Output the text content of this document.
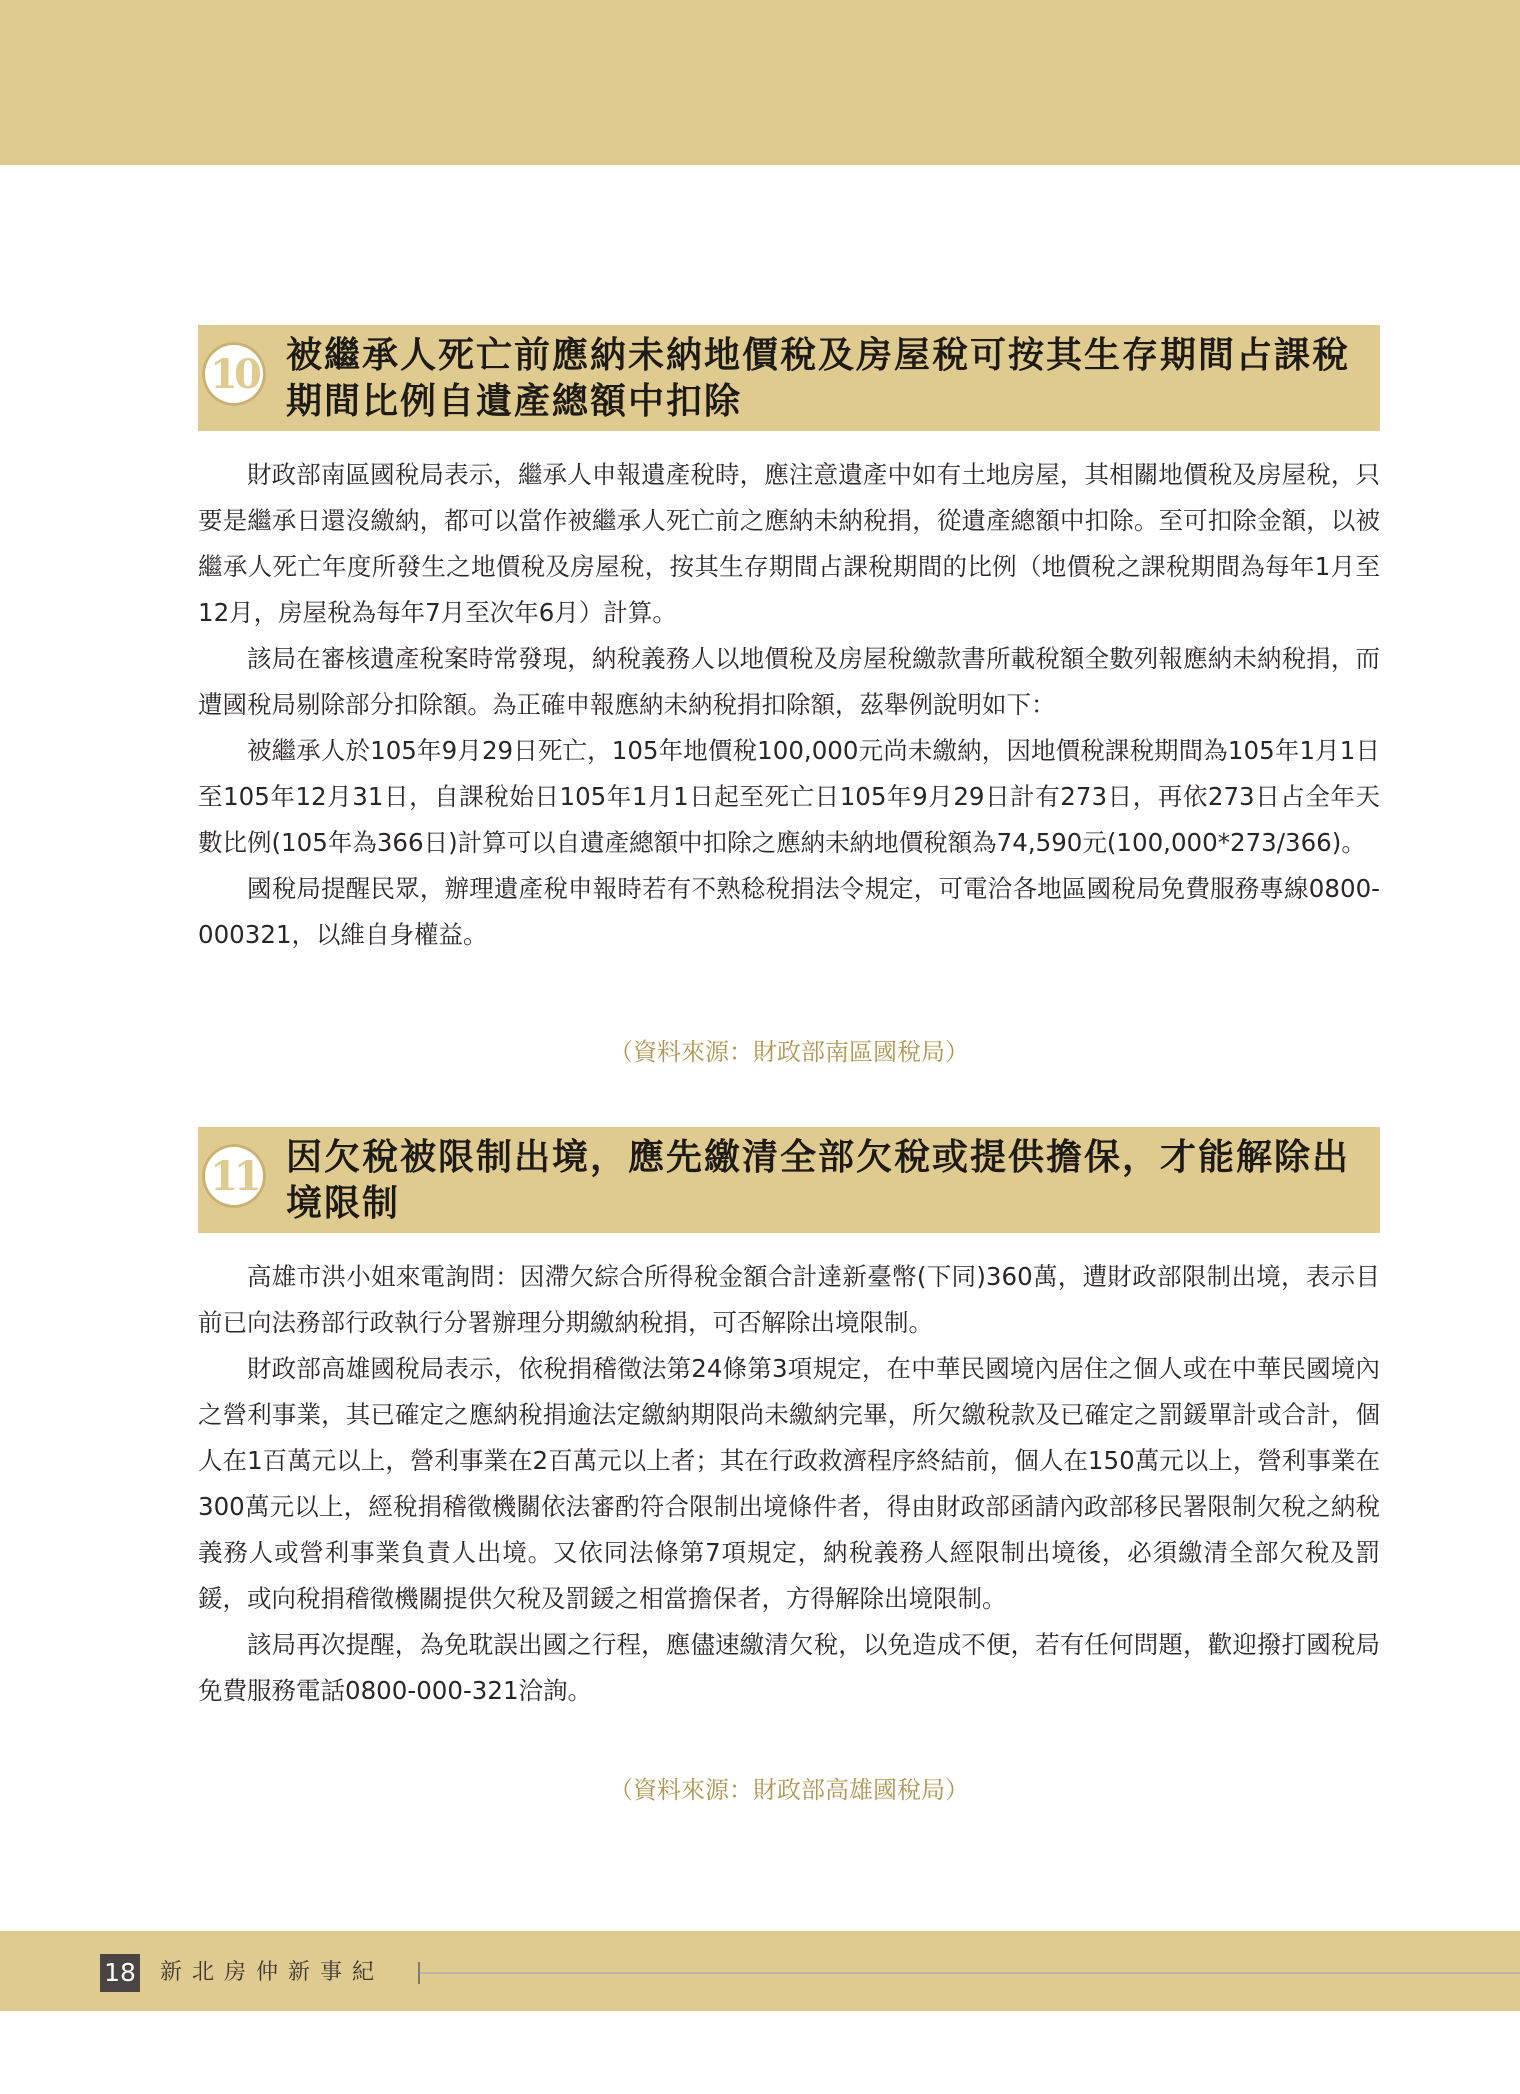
10 被繼承人死亡前應納未納地價稅及房屋稅可按其生存期間占課稅期間比例自遺產總額中扣除

財政部南區國稅局表示，繼承人申報遺產稅時，應注意遺產中如有土地房屋，其相關地價稅及房屋稅，只要是繼承日還沒繳納，都可以當作被繼承人死亡前之應納未納稅捐，從遺產總額中扣除。至可扣除金額，以被繼承人死亡年度所發生之地價稅及房屋稅，按其生存期間占課稅期間的比例（地價稅之課稅期間為每年1月至12月，房屋稅為每年7月至次年6月）計算。

該局在審核遺產稅案時常發現，納稅義務人以地價稅及房屋稅繳款書所載稅額全數列報應納未納稅捐，而遭國稅局剔除部分扣除額。為正確申報應納未納稅捐扣除額，茲舉例說明如下：

被繼承人於105年9月29日死亡，105年地價稅100,000元尚未繳納，因地價稅課稅期間為105年1月1日至105年12月31日，自課稅始日105年1月1日起至死亡日105年9月29日計有273日，再依273日占全年天數比例(105年為366日)計算可以自遺產總額中扣除之應納未納地價稅額為74,590元(100,000*273/366)。

國稅局提醒民眾，辦理遺產稅申報時若有不熟稔稅捐法令規定，可電洽各地區國稅局免費服務專線0800-000321，以維自身權益。

（資料來源：財政部南區國稅局）
11 因欠稅被限制出境，應先繳清全部欠稅或提供擔保，才能解除出境限制

高雄市洪小姐來電詢問：因滯欠綜合所得稅金額合計達新臺幣(下同)360萬，遭財政部限制出境，表示目前已向法務部行政執行分署辦理分期繳納稅捐，可否解除出境限制。

財政部高雄國稅局表示，依稅捐稽徵法第24條第3項規定，在中華民國境內居住之個人或在中華民國境內之營利事業，其已確定之應納稅捐逾法定繳納期限尚未繳納完畢，所欠繳稅款及已確定之罰鍰單計或合計，個人在1百萬元以上，營利事業在2百萬元以上者；其在行政救濟程序終結前，個人在150萬元以上，營利事業在300萬元以上，經稅捐稽徵機關依法審酌符合限制出境條件者，得由財政部函請內政部移民署限制欠稅之納稅義務人或營利事業負責人出境。又依同法條第7項規定，納稅義務人經限制出境後，必須繳清全部欠稅及罰鍰，或向稅捐稽徵機關提供欠稅及罰鍰之相當擔保者，方得解除出境限制。

該局再次提醒，為免耽誤出國之行程，應儘速繳清欠稅，以免造成不便，若有任何問題，歡迎撥打國稅局免費服務電話0800-000-321洽詢。

（資料來源：財政部高雄國稅局）
18 新北房仲新事紀
